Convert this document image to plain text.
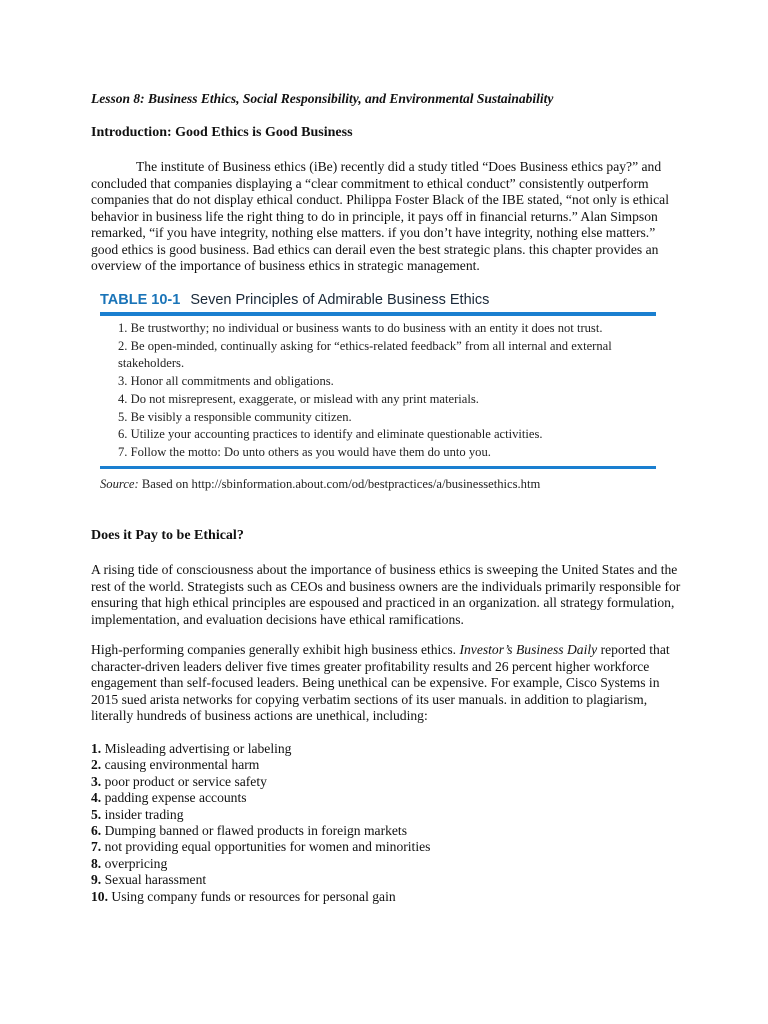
Lesson 8: Business Ethics, Social Responsibility, and Environmental Sustainability
Introduction: Good Ethics is Good Business

The institute of Business ethics (iBe) recently did a study titled “Does Business ethics pay?” and concluded that companies displaying a “clear commitment to ethical conduct” consistently outperform companies that do not display ethical conduct. Philippa Foster Black of the IBE stated, “not only is ethical behavior in business life the right thing to do in principle, it pays off in financial returns.” Alan Simpson remarked, “if you have integrity, nothing else matters. if you don’t have integrity, nothing else matters.” good ethics is good business. Bad ethics can derail even the best strategic plans. this chapter provides an overview of the importance of business ethics in strategic management.

TABLE 10-1 Seven Principles of Admirable Business Ethics
1. Be trustworthy; no individual or business wants to do business with an entity it does not trust.
2. Be open-minded, continually asking for “ethics-related feedback” from all internal and external stakeholders.
3. Honor all commitments and obligations.
4. Do not misrepresent, exaggerate, or mislead with any print materials.
5. Be visibly a responsible community citizen.
6. Utilize your accounting practices to identify and eliminate questionable activities.
7. Follow the motto: Do unto others as you would have them do unto you.
Source: Based on http://sbinformation.about.com/od/bestpractices/a/businessethics.htm
Does it Pay to be Ethical?

A rising tide of consciousness about the importance of business ethics is sweeping the United States and the rest of the world. Strategists such as CEOs and business owners are the individuals primarily responsible for ensuring that high ethical principles are espoused and practiced in an organization. all strategy formulation, implementation, and evaluation decisions have ethical ramifications.

High-performing companies generally exhibit high business ethics. Investor’s Business Daily reported that character-driven leaders deliver five times greater profitability results and 26 percent higher workforce engagement than self-focused leaders. Being unethical can be expensive. For example, Cisco Systems in 2015 sued arista networks for copying verbatim sections of its user manuals. in addition to plagiarism, literally hundreds of business actions are unethical, including:

1. Misleading advertising or labeling
2. causing environmental harm
3. poor product or service safety
4. padding expense accounts
5. insider trading
6. Dumping banned or flawed products in foreign markets
7. not providing equal opportunities for women and minorities
8. overpricing
9. Sexual harassment
10. Using company funds or resources for personal gain
